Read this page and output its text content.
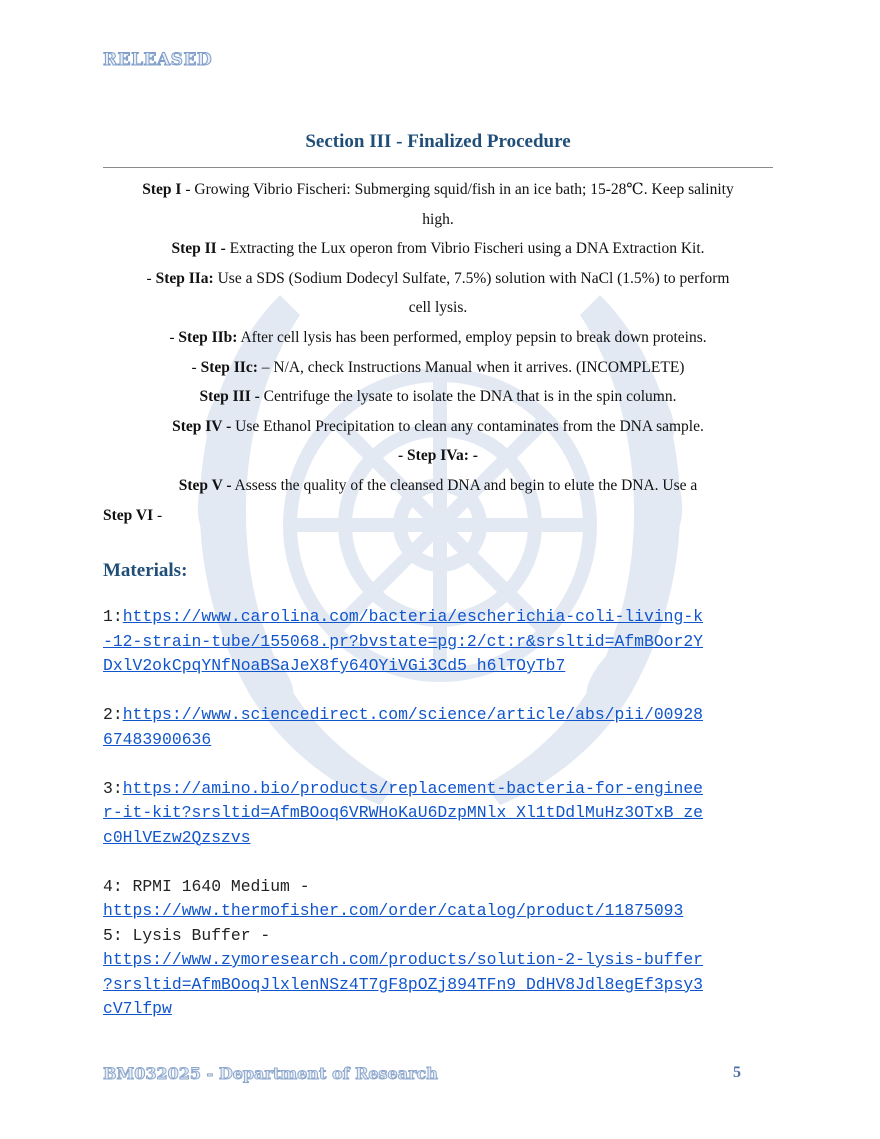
RELEASED
Section III - Finalized Procedure
Step I - Growing Vibrio Fischeri: Submerging squid/fish in an ice bath; 15-28℃. Keep salinity
high.
Step II - Extracting the Lux operon from Vibrio Fischeri using a DNA Extraction Kit.
- Step IIa: Use a SDS (Sodium Dodecyl Sulfate, 7.5%) solution with NaCl (1.5%) to perform
cell lysis.
- Step IIb: After cell lysis has been performed, employ pepsin to break down proteins.
- Step IIc: – N/A, check Instructions Manual when it arrives. (INCOMPLETE)
Step III - Centrifuge the lysate to isolate the DNA that is in the spin column.
Step IV - Use Ethanol Precipitation to clean any contaminates from the DNA sample.
- Step IVa: -
Step V - Assess the quality of the cleansed DNA and begin to elute the DNA. Use a
Step VI -
Materials:
1:https://www.carolina.com/bacteria/escherichia-coli-living-k
-12-strain-tube/155068.pr?bvstate=pg:2/ct:r&srsltid=AfmBOor2Y
DxlV2okCpqYNfNoaBSaJeX8fy64OYiVGi3Cd5_h6lTOyTb7
2:https://www.sciencedirect.com/science/article/abs/pii/00928
67483900636
3:https://amino.bio/products/replacement-bacteria-for-enginee
r-it-kit?srsltid=AfmBOoq6VRWHoKaU6DzpMNlx_Xl1tDdlMuHz3OTxB_ze
c0HlVEzw2Qzszvs
4: RPMI 1640 Medium -
https://www.thermofisher.com/order/catalog/product/11875093
5: Lysis Buffer -
https://www.zymoresearch.com/products/solution-2-lysis-buffer
?srsltid=AfmBOoqJlxlenNSz4T7gF8pOZj894TFn9_DdHV8Jdl8egEf3psy3
cV7lfpw
BM032025 - Department of Research	5
